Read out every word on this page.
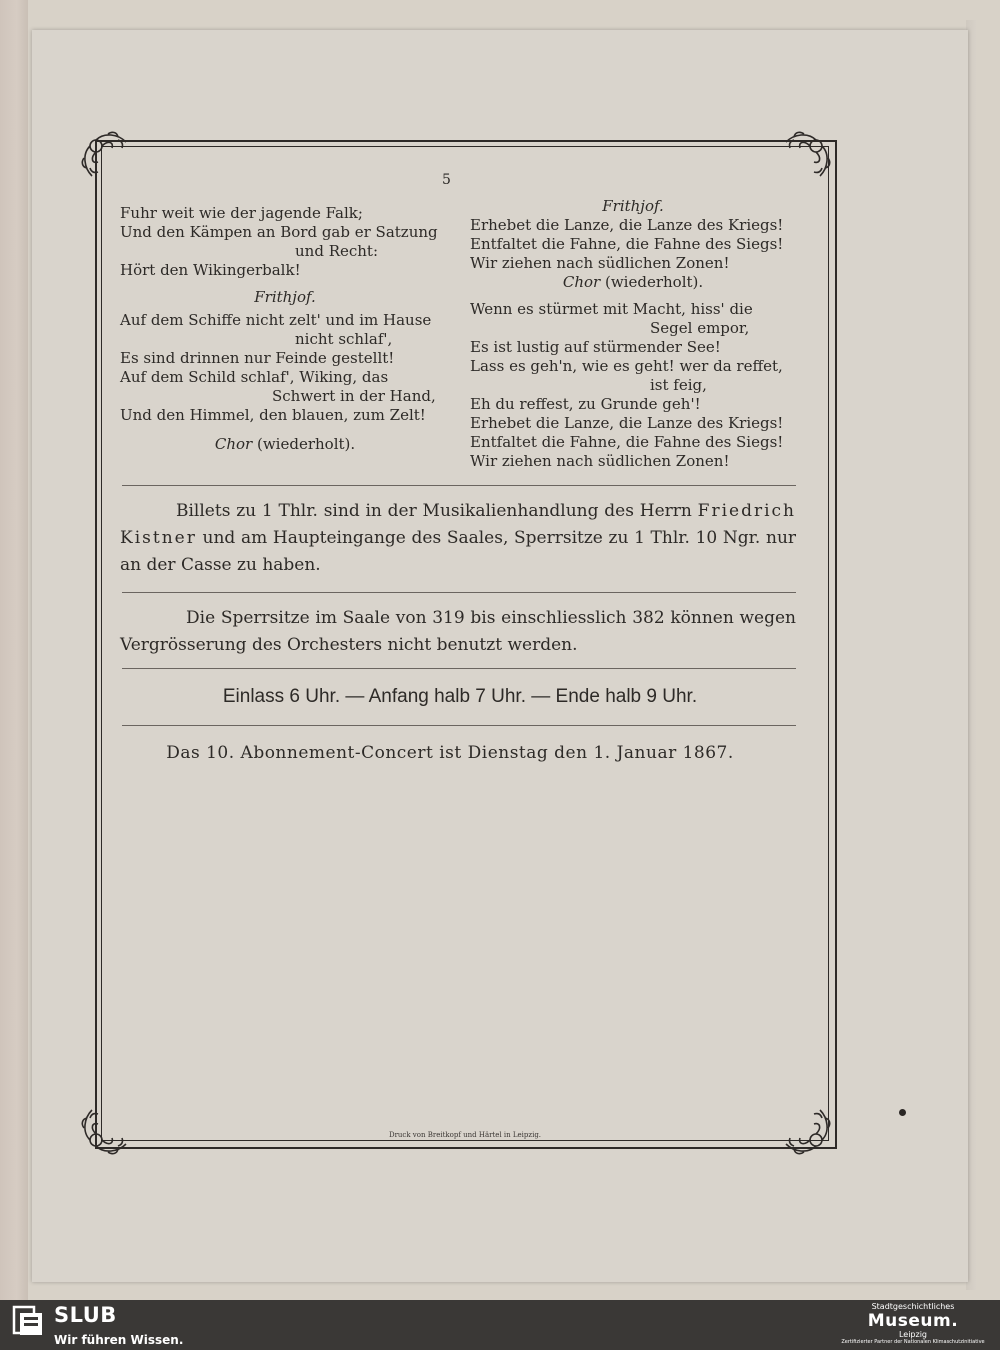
5
Fuhr weit wie der jagende Falk;
Und den Kämpen an Bord gab er Satzung
und Recht:
Hört den Wikingerbalk!
Frithjof.
Auf dem Schiffe nicht zelt' und im Hause
nicht schlaf',
Es sind drinnen nur Feinde gestellt!
Auf dem Schild schlaf', Wiking, das
Schwert in der Hand,
Und den Himmel, den blauen, zum Zelt!
Chor (wiederholt).
Frithjof.
Erhebet die Lanze, die Lanze des Kriegs!
Entfaltet die Fahne, die Fahne des Siegs!
Wir ziehen nach südlichen Zonen!
Chor (wiederholt).
Wenn es stürmet mit Macht, hiss' die
Segel empor,
Es ist lustig auf stürmender See!
Lass es geh'n, wie es geht! wer da reffet,
ist feig,
Eh du reffest, zu Grunde geh'!
Erhebet die Lanze, die Lanze des Kriegs!
Entfaltet die Fahne, die Fahne des Siegs!
Wir ziehen nach südlichen Zonen!
Billets zu 1 Thlr. sind in der Musikalienhandlung des Herrn Friedrich Kistner und am Haupteingange des Saales, Sperrsitze zu 1 Thlr. 10 Ngr. nur an der Casse zu haben.
Die Sperrsitze im Saale von 319 bis einschliesslich 382 können wegen Vergrösserung des Orchesters nicht benutzt werden.
Einlass 6 Uhr. — Anfang halb 7 Uhr. — Ende halb 9 Uhr.
Das 10. Abonnement-Concert ist Dienstag den 1. Januar 1867.
Druck von Breitkopf und Härtel in Leipzig.
SLUB
Wir führen Wissen.
Stadtgeschichtliches
Museum.
Leipzig
Zertifizierter Partner der Nationalen Klimaschutzinitiative
